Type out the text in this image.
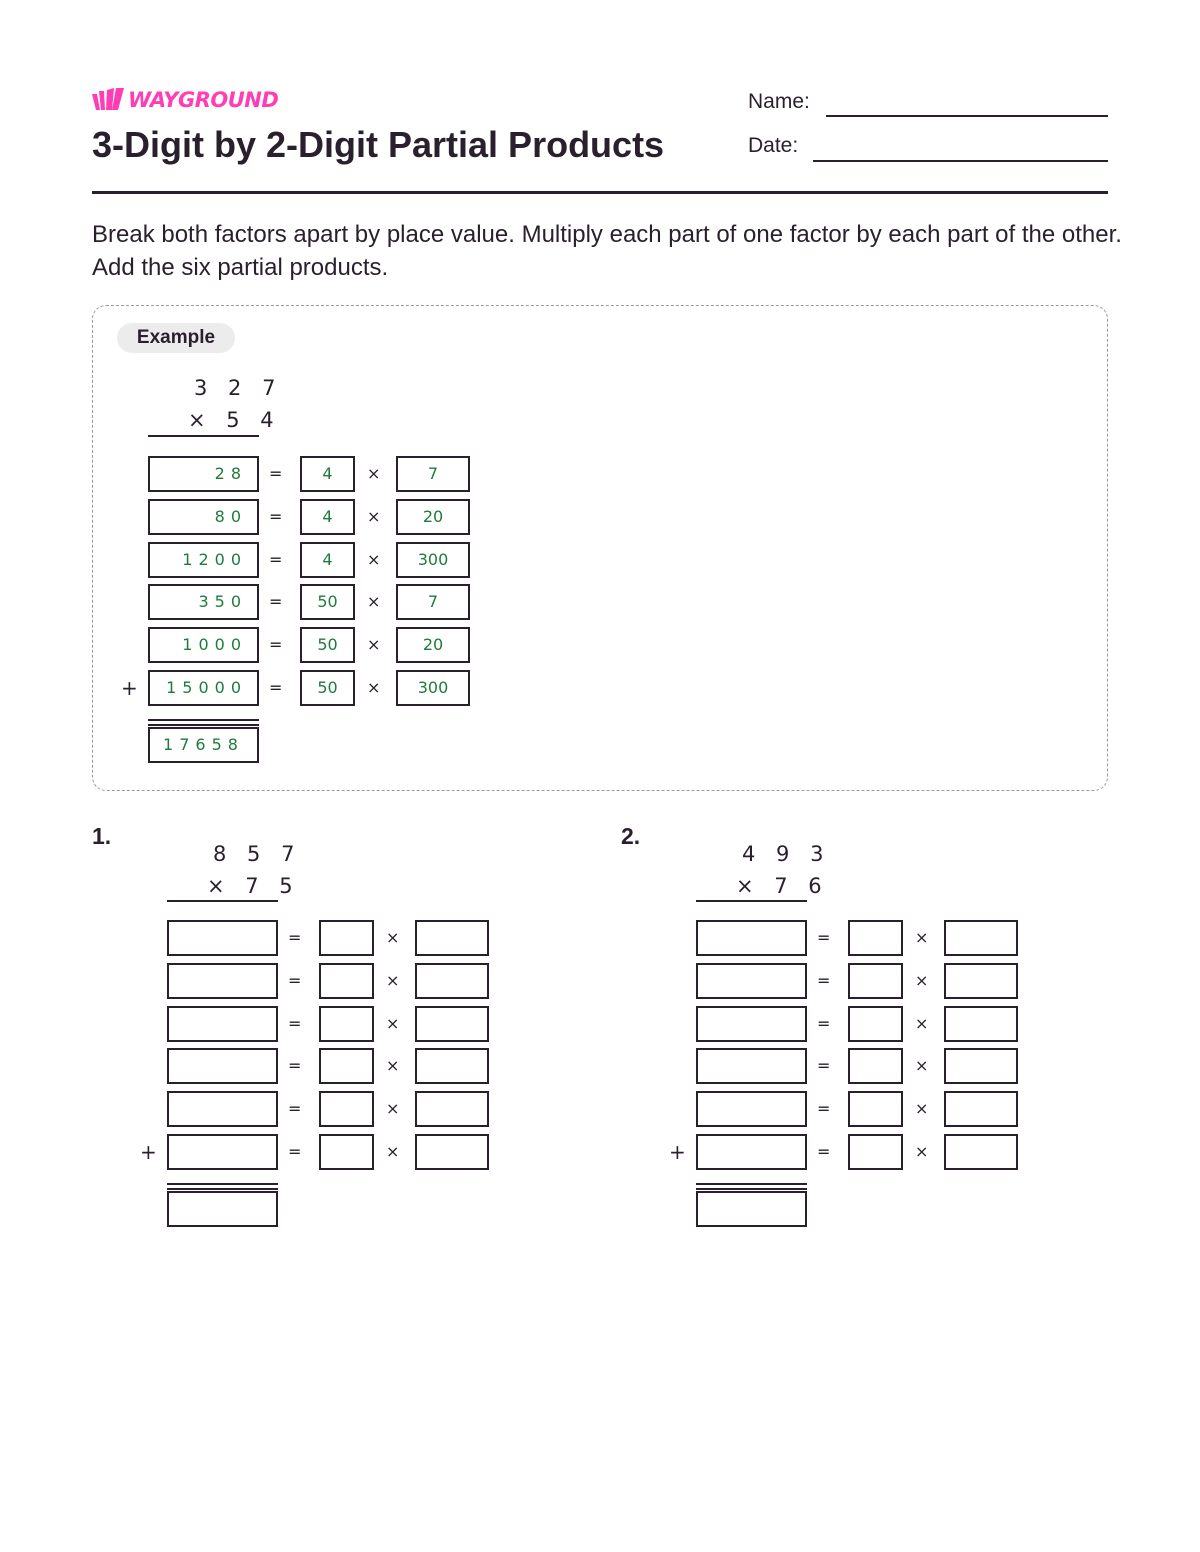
WAYGROUND
3-Digit by 2-Digit Partial Products
Name:
Date:

Break both factors apart by place value. Multiply each part of one factor by each part of the other. Add the six partial products.

Example
3 2 7
× 5 4
28	=	4	×	7
80	=	4	×	20
1200	=	4	×	300
350	=	50	×	7
1000	=	50	×	20
15000	=	50	×	300
+
17658
1.
8 5 7
× 7 5
=	×
=	×
=	×
=	×
=	×
=	×
+
2.
4 9 3
× 7 6
=	×
=	×
=	×
=	×
=	×
=	×
+
